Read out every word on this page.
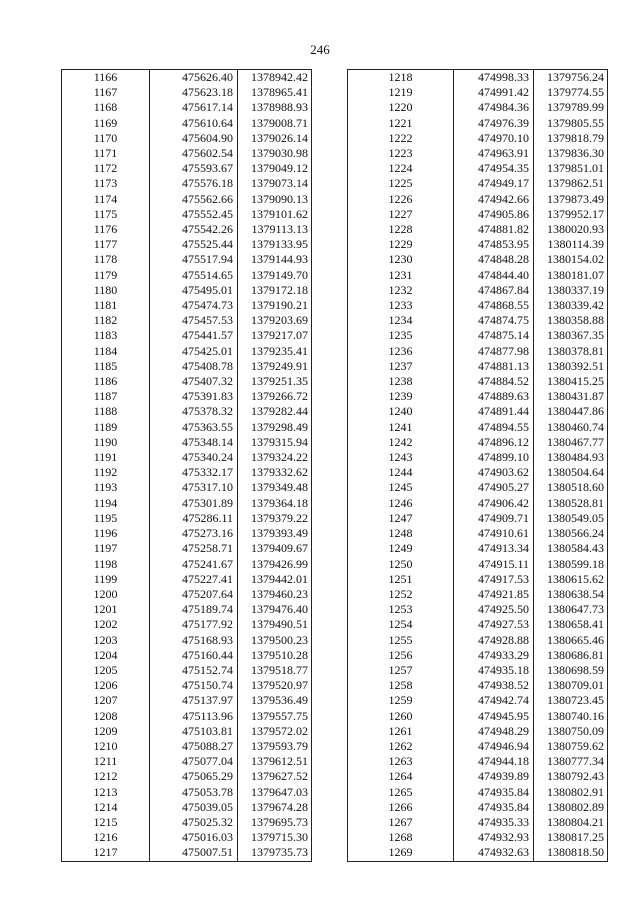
246
1166	475626.40	1378942.42
1167	475623.18	1378965.41
1168	475617.14	1378988.93
1169	475610.64	1379008.71
1170	475604.90	1379026.14
1171	475602.54	1379030.98
1172	475593.67	1379049.12
1173	475576.18	1379073.14
1174	475562.66	1379090.13
1175	475552.45	1379101.62
1176	475542.26	1379113.13
1177	475525.44	1379133.95
1178	475517.94	1379144.93
1179	475514.65	1379149.70
1180	475495.01	1379172.18
1181	475474.73	1379190.21
1182	475457.53	1379203.69
1183	475441.57	1379217.07
1184	475425.01	1379235.41
1185	475408.78	1379249.91
1186	475407.32	1379251.35
1187	475391.83	1379266.72
1188	475378.32	1379282.44
1189	475363.55	1379298.49
1190	475348.14	1379315.94
1191	475340.24	1379324.22
1192	475332.17	1379332.62
1193	475317.10	1379349.48
1194	475301.89	1379364.18
1195	475286.11	1379379.22
1196	475273.16	1379393.49
1197	475258.71	1379409.67
1198	475241.67	1379426.99
1199	475227.41	1379442.01
1200	475207.64	1379460.23
1201	475189.74	1379476.40
1202	475177.92	1379490.51
1203	475168.93	1379500.23
1204	475160.44	1379510.28
1205	475152.74	1379518.77
1206	475150.74	1379520.97
1207	475137.97	1379536.49
1208	475113.96	1379557.75
1209	475103.81	1379572.02
1210	475088.27	1379593.79
1211	475077.04	1379612.51
1212	475065.29	1379627.52
1213	475053.78	1379647.03
1214	475039.05	1379674.28
1215	475025.32	1379695.73
1216	475016.03	1379715.30
1217	475007.51	1379735.73
1218	474998.33	1379756.24
1219	474991.42	1379774.55
1220	474984.36	1379789.99
1221	474976.39	1379805.55
1222	474970.10	1379818.79
1223	474963.91	1379836.30
1224	474954.35	1379851.01
1225	474949.17	1379862.51
1226	474942.66	1379873.49
1227	474905.86	1379952.17
1228	474881.82	1380020.93
1229	474853.95	1380114.39
1230	474848.28	1380154.02
1231	474844.40	1380181.07
1232	474867.84	1380337.19
1233	474868.55	1380339.42
1234	474874.75	1380358.88
1235	474875.14	1380367.35
1236	474877.98	1380378.81
1237	474881.13	1380392.51
1238	474884.52	1380415.25
1239	474889.63	1380431.87
1240	474891.44	1380447.86
1241	474894.55	1380460.74
1242	474896.12	1380467.77
1243	474899.10	1380484.93
1244	474903.62	1380504.64
1245	474905.27	1380518.60
1246	474906.42	1380528.81
1247	474909.71	1380549.05
1248	474910.61	1380566.24
1249	474913.34	1380584.43
1250	474915.11	1380599.18
1251	474917.53	1380615.62
1252	474921.85	1380638.54
1253	474925.50	1380647.73
1254	474927.53	1380658.41
1255	474928.88	1380665.46
1256	474933.29	1380686.81
1257	474935.18	1380698.59
1258	474938.52	1380709.01
1259	474942.74	1380723.45
1260	474945.95	1380740.16
1261	474948.29	1380750.09
1262	474946.94	1380759.62
1263	474944.18	1380777.34
1264	474939.89	1380792.43
1265	474935.84	1380802.91
1266	474935.84	1380802.89
1267	474935.33	1380804.21
1268	474932.93	1380817.25
1269	474932.63	1380818.50
